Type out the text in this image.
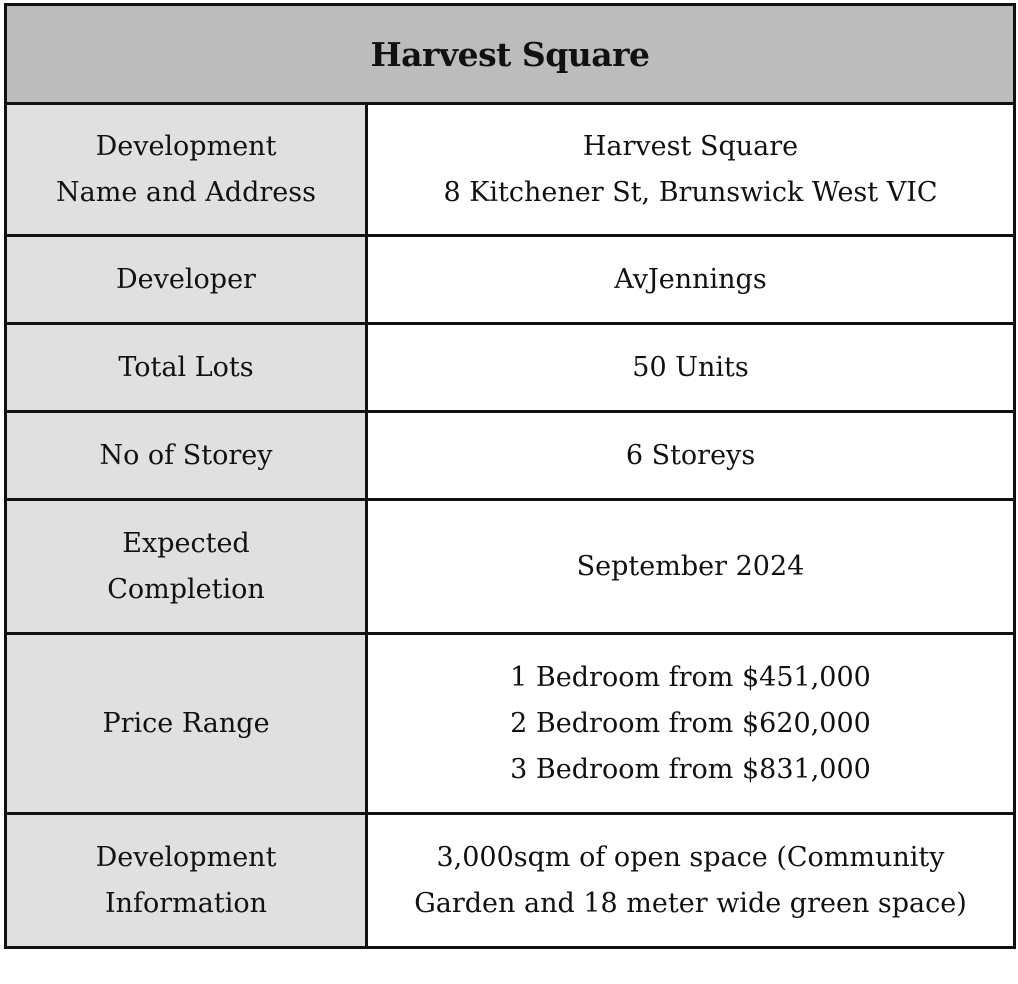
Harvest Square	

Development
Name and Address	Harvest Square
8 Kitchener St, Brunswick West VIC

Developer	AvJennings

Total Lots	50 Units

No of Storey	6 Storeys

Expected
Completion	September 2024

Price Range	1 Bedroom from $451,000
2 Bedroom from $620,000
3 Bedroom from $831,000

Development
Information	3,000sqm of open space (Community
Garden and 18 meter wide green space)
